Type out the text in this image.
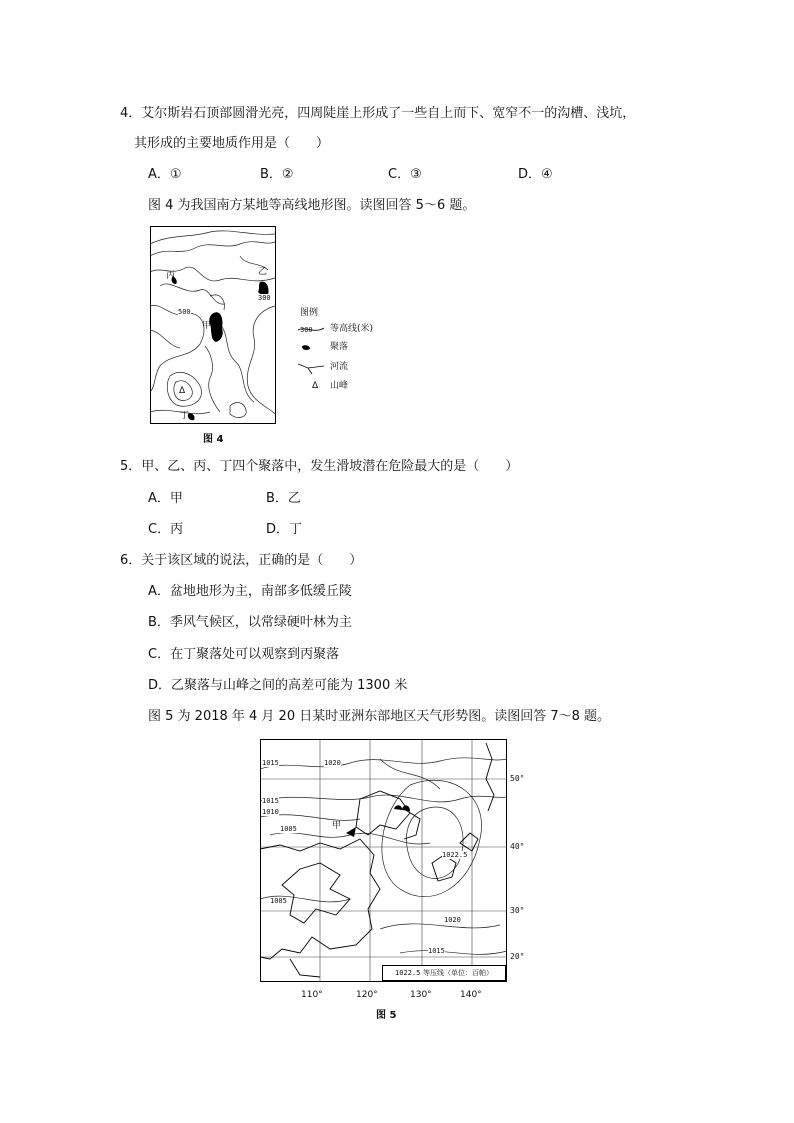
4．艾尔斯岩石顶部圆滑光亮，四周陡崖上形成了一些自上而下、宽窄不一的沟槽、浅坑，
其形成的主要地质作用是（　　）
A．①	B．②	C．③	D．④
图 4 为我国南方某地等高线地形图。读图回答 5～6 题。
丙	乙
300
500
甲
Δ
丁
图例
300 等高线(米)
聚落
河流
Δ 山峰
图 4
5．甲、乙、丙、丁四个聚落中，发生滑坡潜在危险最大的是（　　）
A．甲	B．乙
C．丙	D．丁
6．关于该区域的说法，正确的是（　　）
A．盆地地形为主，南部多低缓丘陵
B．季风气候区，以常绿硬叶林为主
C．在丁聚落处可以观察到丙聚落
D．乙聚落与山峰之间的高差可能为 1300 米
图 5 为 2018 年 4 月 20 日某时亚洲东部地区天气形势图。读图回答 7～8 题。
1015	1020
1015
1010
1005
1022.5
1005
1020
1015
甲
50°
40°
30°
20°
1022.5 等压线（单位：百帕）
110°	120°	130°	140°
图 5
